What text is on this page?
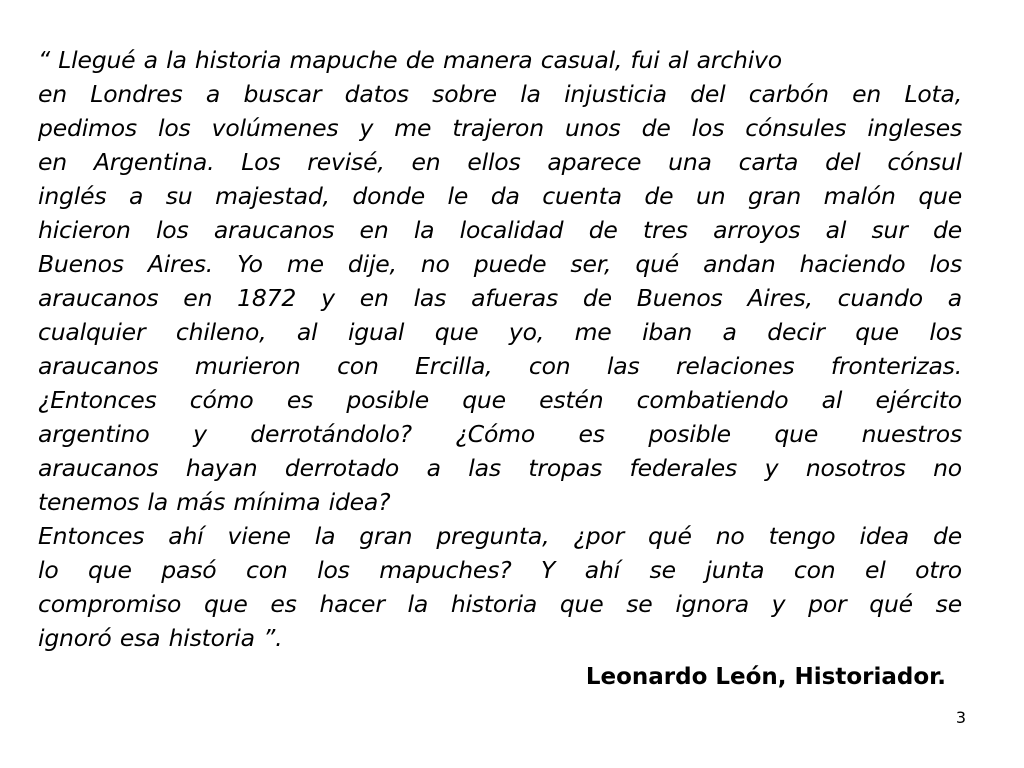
“ Llegué a la historia mapuche de manera casual, fui al archivo
en Londres a buscar datos sobre la injusticia del carbón en Lota,
pedimos los volúmenes y me trajeron unos de los cónsules ingleses
en Argentina. Los revisé, en ellos aparece una carta del cónsul
inglés a su majestad, donde le da cuenta de un gran malón que
hicieron los araucanos en la localidad de tres arroyos al sur de
Buenos Aires. Yo me dije, no puede ser, qué andan haciendo los
araucanos en 1872 y en las afueras de Buenos Aires, cuando a
cualquier chileno, al igual que yo, me iban a decir que los
araucanos murieron con Ercilla, con las relaciones fronterizas.
¿Entonces cómo es posible que estén combatiendo al ejército
argentino y derrotándolo? ¿Cómo es posible que nuestros
araucanos hayan derrotado a las tropas federales y nosotros no
tenemos la más mínima idea?
Entonces ahí viene la gran pregunta, ¿por qué no tengo idea de
lo que pasó con los mapuches? Y ahí se junta con el otro
compromiso que es hacer la historia que se ignora y por qué se
ignoró esa historia ”.

Leonardo León, Historiador.

3
